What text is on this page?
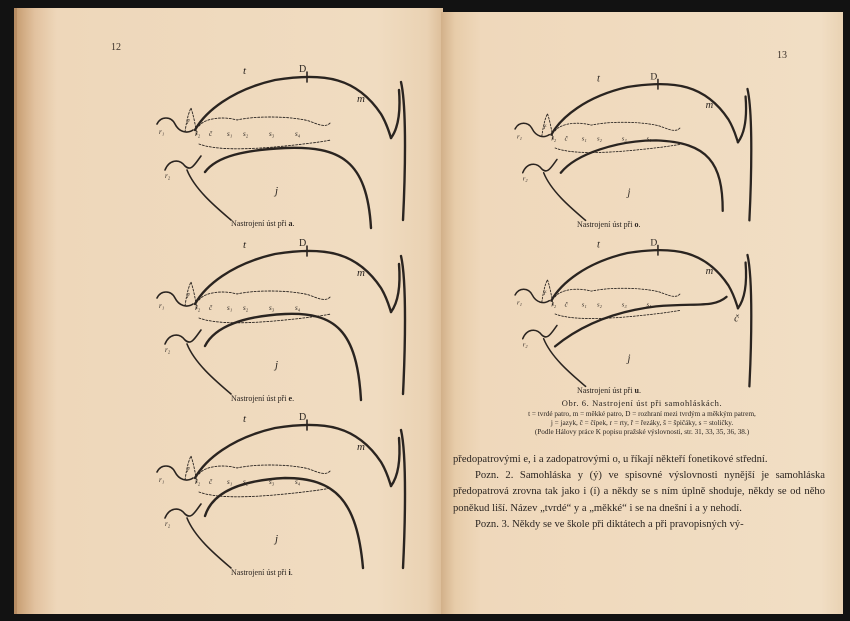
12
t	D
m
r₁
r₂
ř
ř₂ č s₁ s₂	s₃	s₄
j
Nastrojení úst při a.
t	D
m
r₁
r₂
ř
ř₂ č s₁ s₂	s₃	s₄
j
Nastrojení úst při e.
t	D
m
r₁
r₂
ř
ř₂ č s₁ s₂	s₃	s₄
j
Nastrojení úst při i.
13
t	D
m
r₁
r₂
ř
ř₂ č s₁ s₂	s₃	s₄
j
Nastrojení úst při o.
t	D
m
r₁
r₂
ř
ř₂ č s₁ s₂	s₃	s₄
j
č
Nastrojení úst při u.
Obr. 6. Nastrojení úst při samohláskách.
t = tvrdé patro, m = měkké patro, D = rozhraní mezi tvrdým a měkkým patrem,
j = jazyk, č = čípek, r = rty, ř = řezáky, š = špičáky, s = stoličky.
(Podle Hálovy práce K popisu pražské výslovnosti, str. 31, 33, 35, 36, 38.)

předopatrovými e, i a zadopatrovými o, u říkají někteří fonetikové střední.

Pozn. 2. Samohláska y (ý) ve spisovné výslovnosti nynější je samohláska předopatrová zrovna tak jako i (í) a někdy se s ním úplně shoduje, někdy se od něho poněkud liší. Název „tvrdé“ y a „měkké“ i se na dnešní i a y nehodí.

Pozn. 3. Někdy se ve škole při diktátech a při pravopisných vý-
